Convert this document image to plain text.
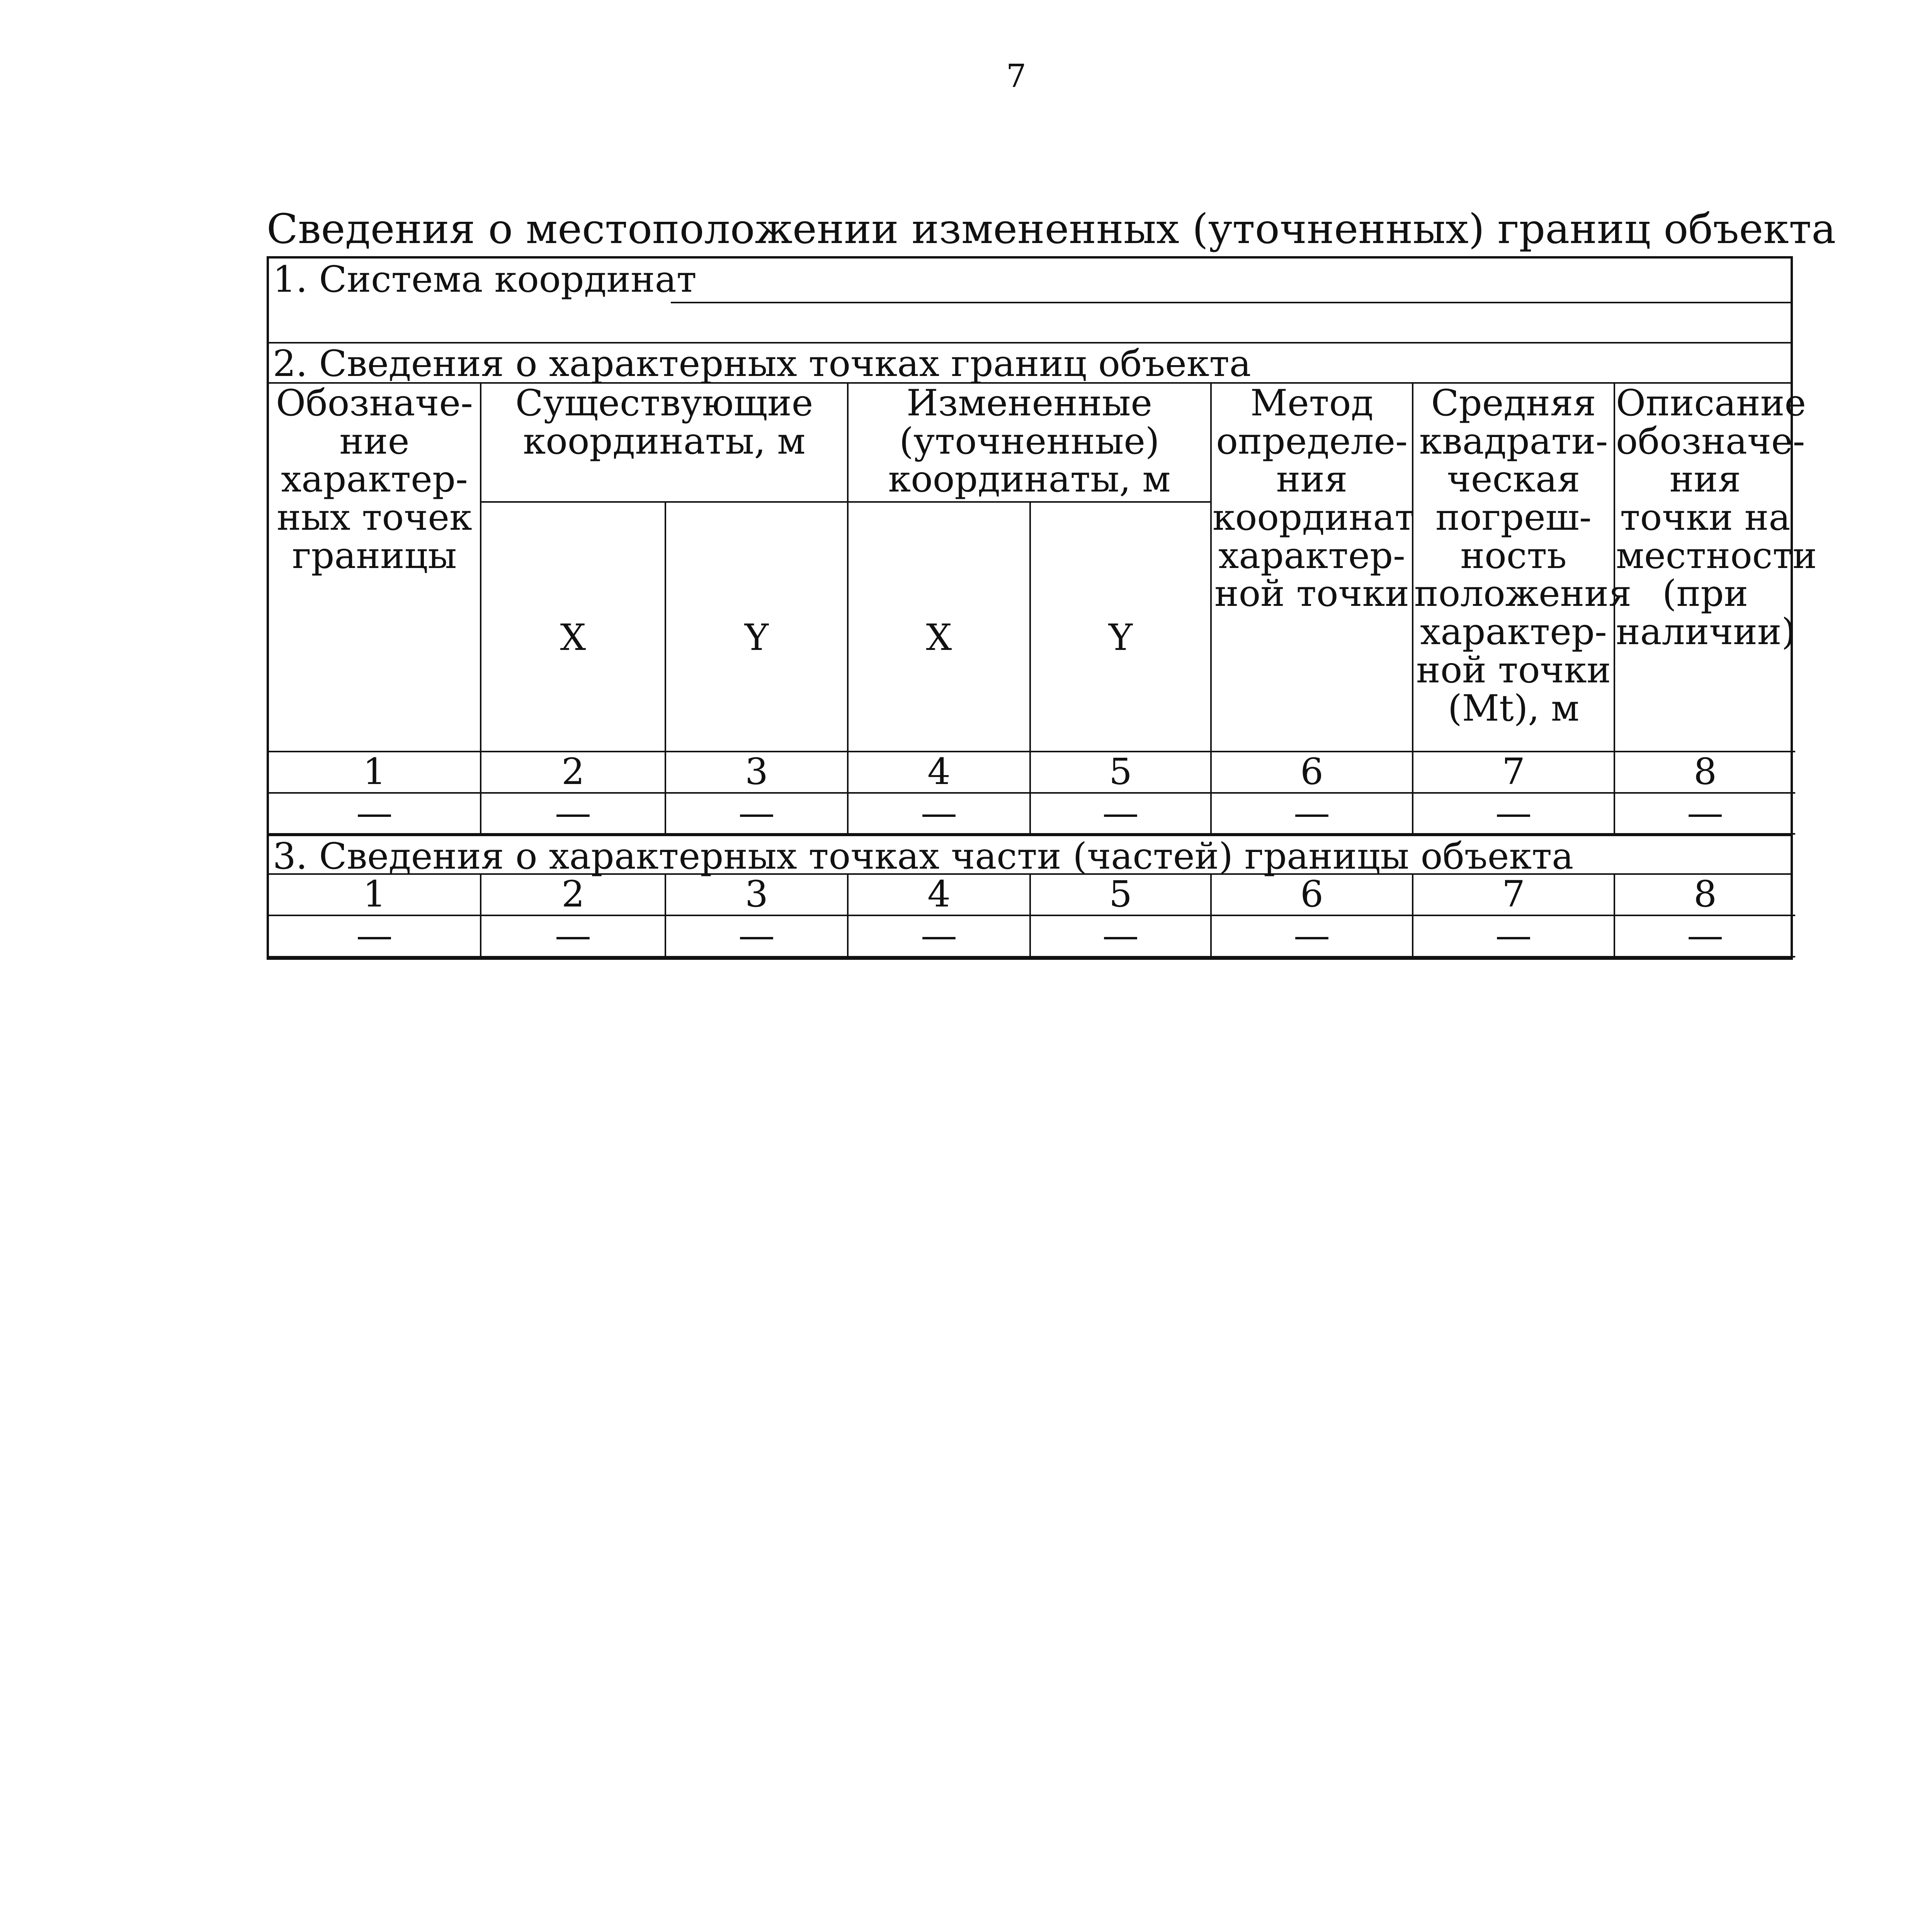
7
Сведения о местоположении измененных (уточненных) границ объекта
1. Система координат
2. Сведения о характерных точках границ объекта
Обозначе-ние характер-ных точек границы	Существующие координаты, м		Измененные (уточненные) координаты, м		Метод определе-ния координат характер-ной точки	Средняя квадрати-ческая погреш-ность положения характер-ной точки (Mt), м	Описание обозначе-ния точки на местности (при наличии)
	X	Y	X	Y			
1	2	3	4	5	6	7	8
—	—	—	—	—	—	—	—
3. Сведения о характерных точках части (частей) границы объекта
1	2	3	4	5	6	7	8
—	—	—	—	—	—	—	—
